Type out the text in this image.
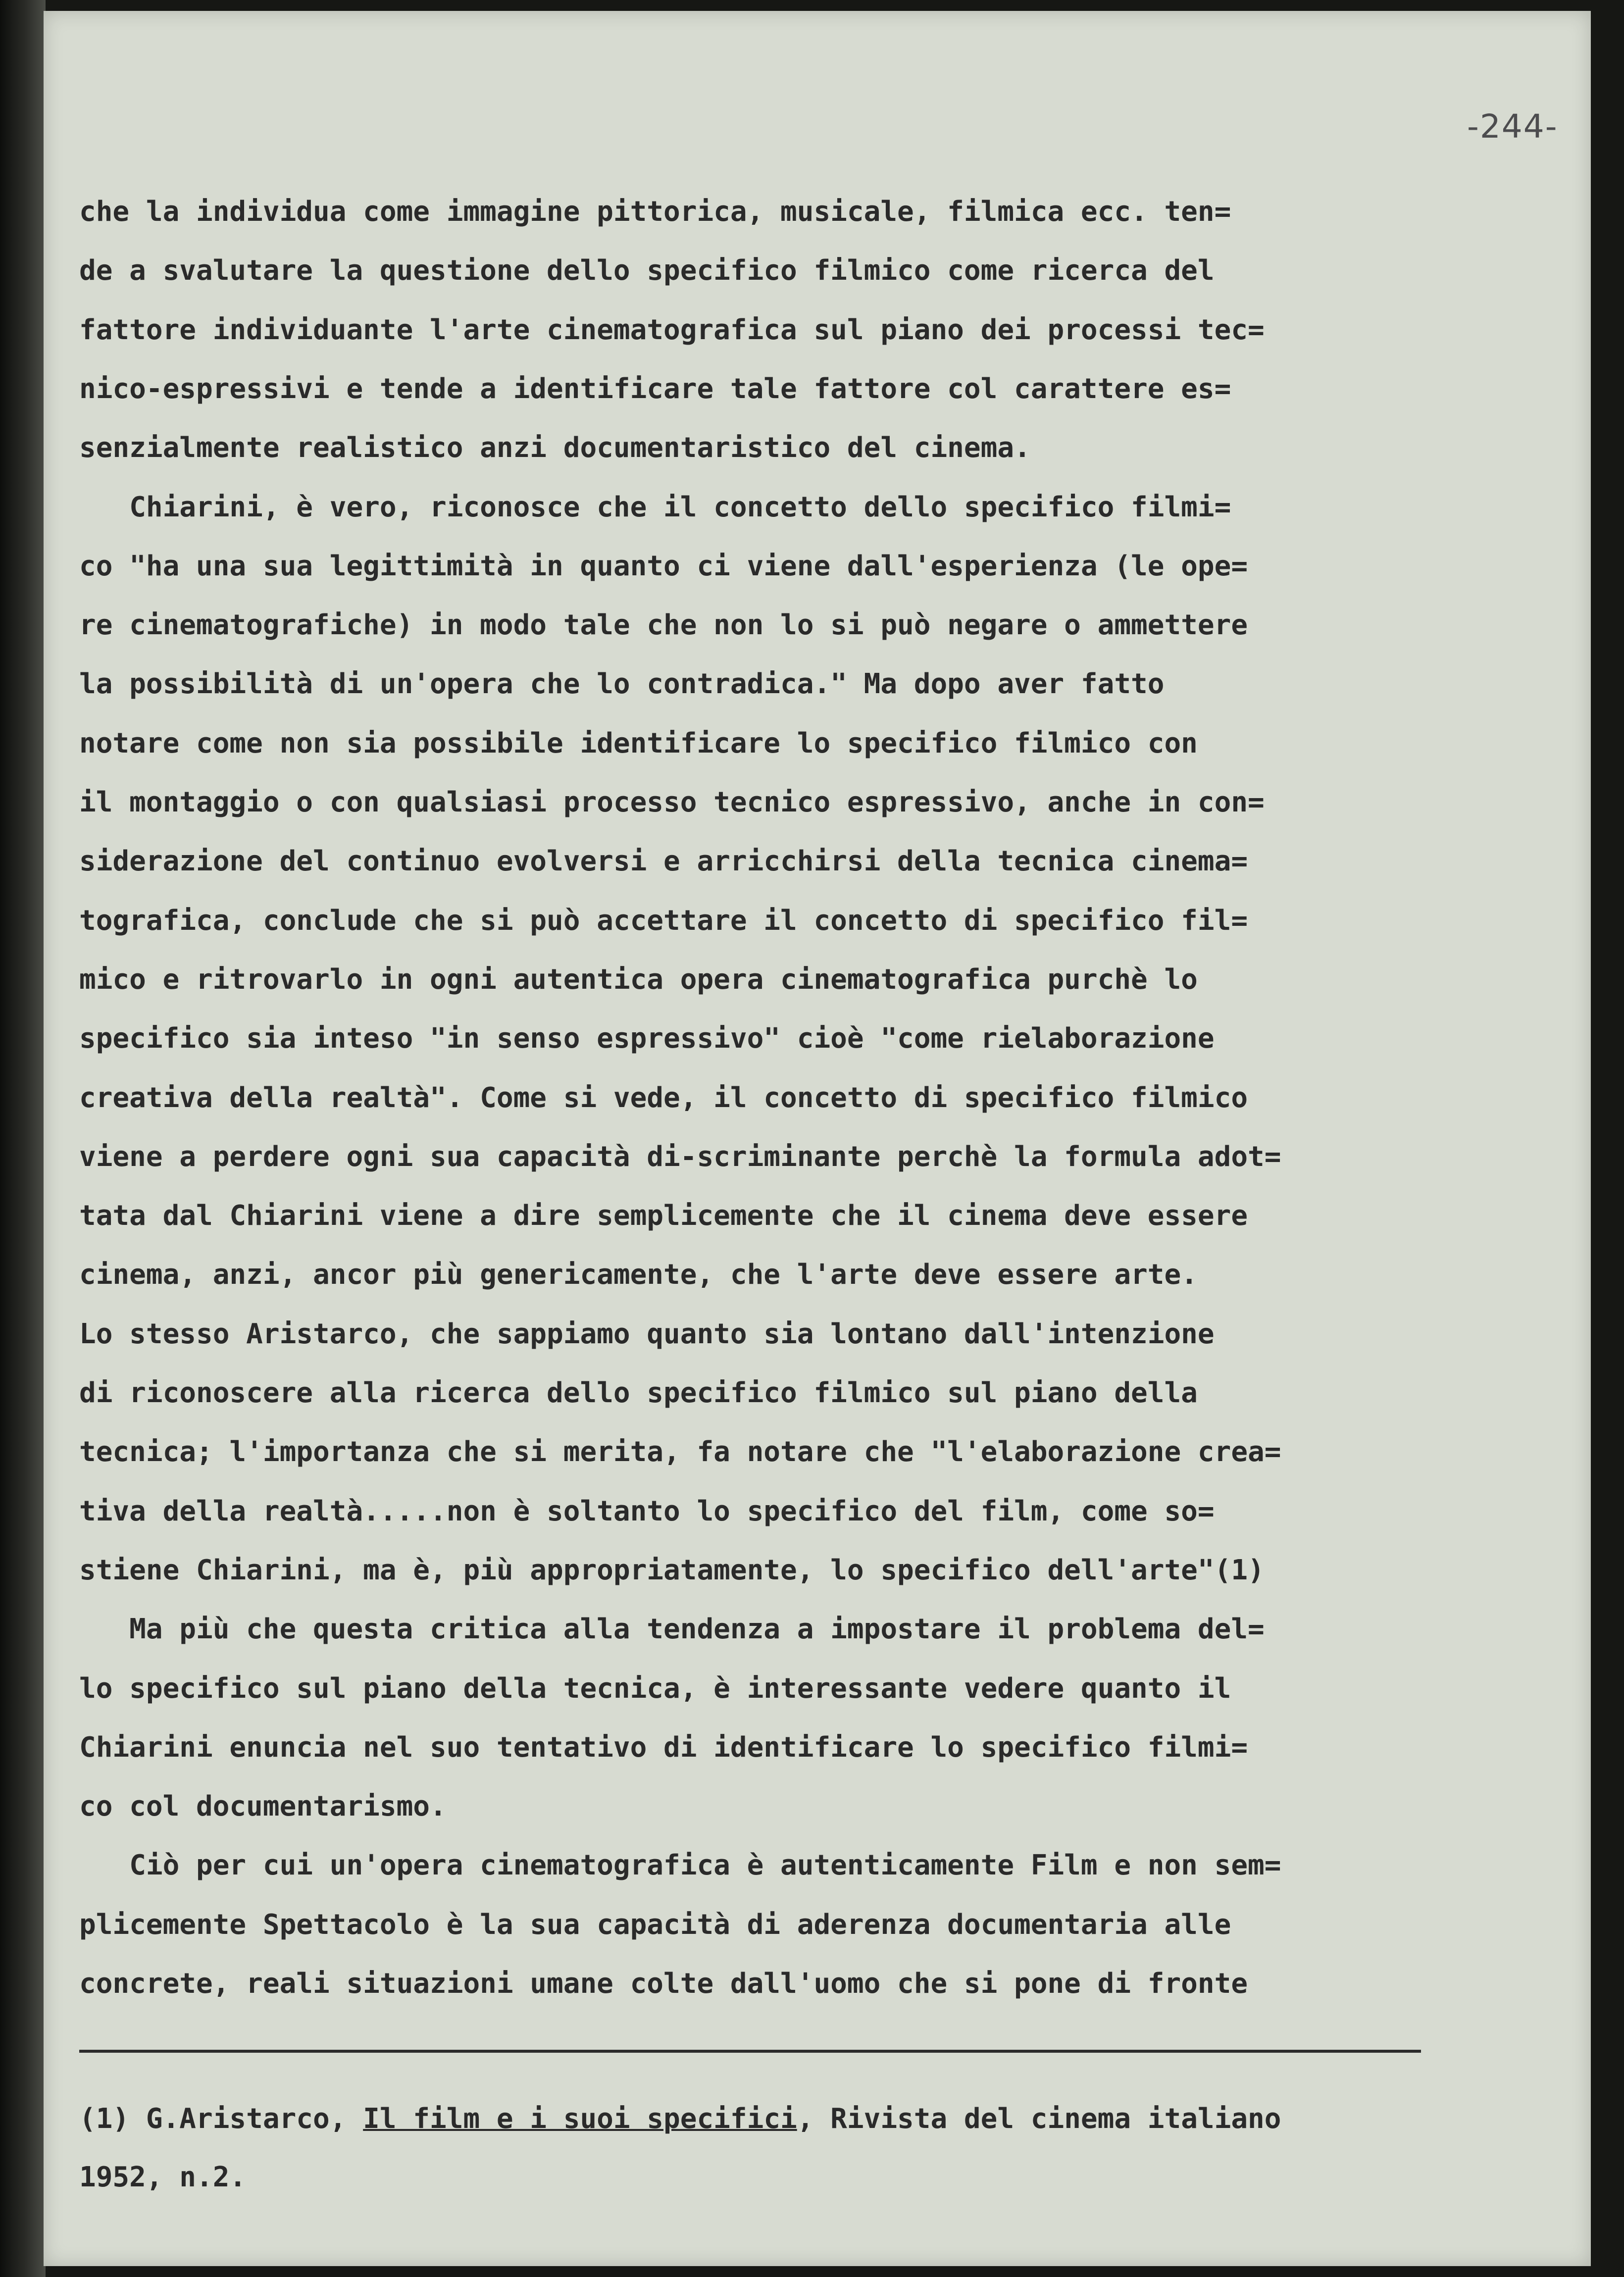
-244-

che la individua come immagine pittorica, musicale, filmica ecc. ten=

de a svalutare la questione dello specifico filmico come ricerca del

fattore individuante l'arte cinematografica sul piano dei processi tec=

nico-espressivi e tende a identificare tale fattore col carattere es=

senzialmente realistico anzi documentaristico del cinema.

Chiarini, è vero, riconosce che il concetto dello specifico filmi=

co "ha una sua legittimità in quanto ci viene dall'esperienza (le ope=

re cinematografiche) in modo tale che non lo si può negare o ammettere

la possibilità di un'opera che lo contradica." Ma dopo aver fatto

notare come non sia possibile identificare lo specifico filmico con

il montaggio o con qualsiasi processo tecnico espressivo, anche in con=

siderazione del continuo evolversi e arricchirsi della tecnica cinema=

tografica, conclude che si può accettare il concetto di specifico fil=

mico e ritrovarlo in ogni autentica opera cinematografica purchè lo

specifico sia inteso "in senso espressivo" cioè "come rielaborazione

creativa della realtà". Come si vede, il concetto di specifico filmico

viene a perdere ogni sua capacità di-scriminante perchè la formula adot=

tata dal Chiarini viene a dire semplicemente che il cinema deve essere

cinema, anzi, ancor più genericamente, che l'arte deve essere arte.

Lo stesso Aristarco, che sappiamo quanto sia lontano dall'intenzione

di riconoscere alla ricerca dello specifico filmico sul piano della

tecnica; l'importanza che si merita, fa notare che "l'elaborazione crea=

tiva della realtà.....non è soltanto lo specifico del film, come so=

stiene Chiarini, ma è, più appropriatamente, lo specifico dell'arte"(1)

Ma più che questa critica alla tendenza a impostare il problema del=

lo specifico sul piano della tecnica, è interessante vedere quanto il

Chiarini enuncia nel suo tentativo di identificare lo specifico filmi=

co col documentarismo.

Ciò per cui un'opera cinematografica è autenticamente Film e non sem=

plicemente Spettacolo è la sua capacità di aderenza documentaria alle

concrete, reali situazioni umane colte dall'uomo che si pone di fronte

(1) G.Aristarco, Il film e i suoi specifici, Rivista del cinema italiano

1952, n.2.
